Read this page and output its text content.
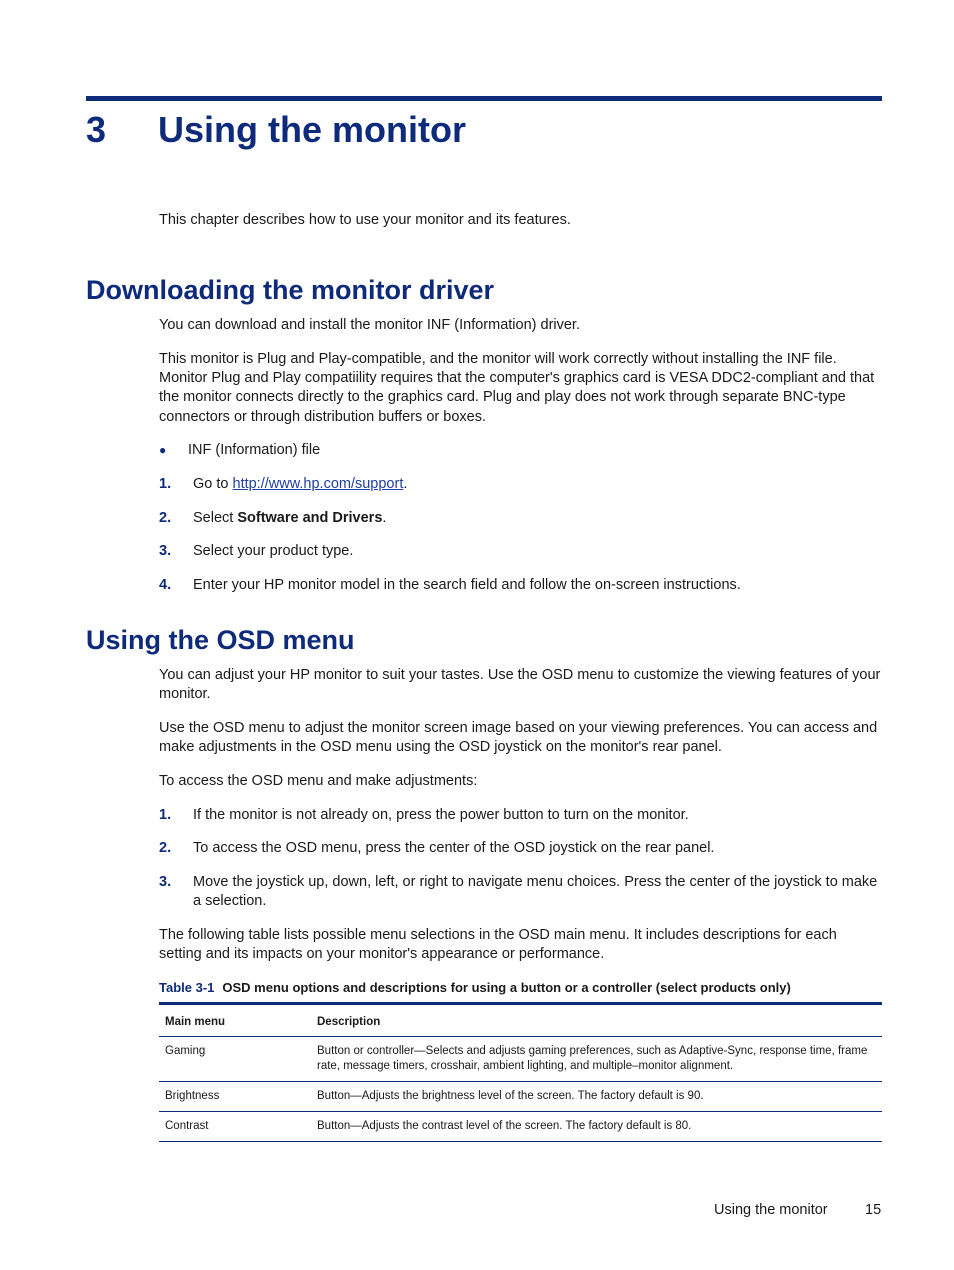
3 Using the monitor
This chapter describes how to use your monitor and its features.
Downloading the monitor driver
You can download and install the monitor INF (Information) driver.
This monitor is Plug and Play-compatible, and the monitor will work correctly without installing the INF file. Monitor Plug and Play compatiility requires that the computer's graphics card is VESA DDC2-compliant and that the monitor connects directly to the graphics card. Plug and play does not work through separate BNC-type connectors or through distribution buffers or boxes.
● INF (Information) file
1. Go to http://www.hp.com/support.
2. Select Software and Drivers.
3. Select your product type.
4. Enter your HP monitor model in the search field and follow the on-screen instructions.
Using the OSD menu
You can adjust your HP monitor to suit your tastes. Use the OSD menu to customize the viewing features of your monitor.
Use the OSD menu to adjust the monitor screen image based on your viewing preferences. You can access and make adjustments in the OSD menu using the OSD joystick on the monitor's rear panel.
To access the OSD menu and make adjustments:
1. If the monitor is not already on, press the power button to turn on the monitor.
2. To access the OSD menu, press the center of the OSD joystick on the rear panel.
3. Move the joystick up, down, left, or right to navigate menu choices. Press the center of the joystick to make a selection.
The following table lists possible menu selections in the OSD main menu. It includes descriptions for each setting and its impacts on your monitor's appearance or performance.
Table 3-1 OSD menu options and descriptions for using a button or a controller (select products only)
Main menu	Description
Gaming	Button or controller—Selects and adjusts gaming preferences, such as Adaptive-Sync, response time, frame rate, message timers, crosshair, ambient lighting, and multiple–monitor alignment.
Brightness	Button—Adjusts the brightness level of the screen. The factory default is 90.
Contrast	Button—Adjusts the contrast level of the screen. The factory default is 80.
Using the monitor	15
